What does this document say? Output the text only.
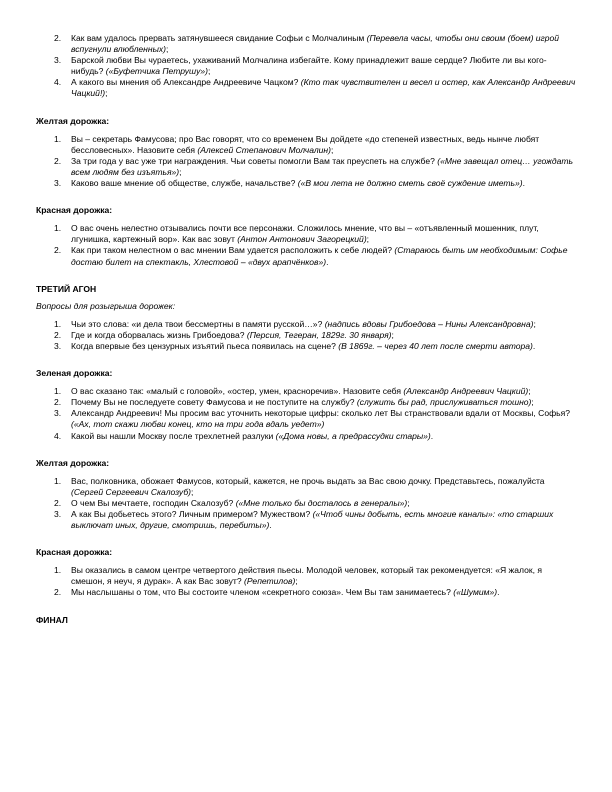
2. Как вам удалось прервать затянувшееся свидание Софьи с Молчалиным (Перевела часы, чтобы они своим (боем) игрой вспугнули влюбленных);
3. Барской любви Вы чураетесь, ухаживаний Молчалина избегайте. Кому принадлежит ваше сердце? Любите ли вы кого-нибудь? («Буфетчика Петрушу»);
4. А какого вы мнения об Александре Андреевиче Чацком? (Кто так чувствителен и весел и остер, как Александр Андреевич Чацкий!);

Желтая дорожка:

1. Вы – секретарь Фамусова; про Вас говорят, что со временем Вы дойдете «до степеней известных, ведь нынче любят бессловесных». Назовите себя (Алексей Степанович Молчалин);
2. За три года у вас уже три награждения. Чьи советы помогли Вам так преуспеть на службе? («Мне завещал отец… угождать всем людям без изъятья»);
3. Каково ваше мнение об обществе, службе, начальстве? («В мои лета не должно сметь своё суждение иметь»).

Красная дорожка:

1. О вас очень нелестно отзывались почти все персонажи. Сложилось мнение, что вы – «отъявленный мошенник, плут, лгунишка, картежный вор». Как вас зовут (Антон Антонович Загорецкий);
2. Как при таком нелестном о вас мнении Вам удается расположить к себе людей? (Стараюсь быть им необходимым: Софье достаю билет на спектакль, Хлестовой – «двух арапчёнков»).

ТРЕТИЙ АГОН

Вопросы для розыгрыша дорожек:

1. Чьи это слова: «и дела твои бессмертны в памяти русской…»? (надпись вдовы Грибоедова – Нины Александровна);
2. Где и когда оборвалась жизнь Грибоедова? (Персия, Тегеран, 1829г. 30 января);
3. Когда впервые без цензурных изъятий пьеса появилась на сцене? (В 1869г. – через 40 лет после смерти автора).

Зеленая дорожка:

1. О вас сказано так: «малый с головой», «остер, умен, красноречив». Назовите себя (Александр Андреевич Чацкий);
2. Почему Вы не последуете совету Фамусова и не поступите на службу? (служить бы рад, прислуживаться тошно);
3. Александр Андреевич! Мы просим вас уточнить некоторые цифры: сколько лет Вы странствовали вдали от Москвы, Софья? («Ах, тот скажи любви конец, кто на три года вдаль уедет»)
4. Какой вы нашли Москву после трехлетней разлуки («Дома новы, а предрассудки стары»).

Желтая дорожка:

1. Вас, полковника, обожает Фамусов, который, кажется, не прочь выдать за Вас свою дочку. Представьтесь, пожалуйста (Сергей Сергеевич Скалозуб);
2. О чем Вы мечтаете, господин Скалозуб? («Мне только бы досталось в генералы»);
3. А как Вы добьетесь этого? Личным примером? Мужеством? («Чтоб чины добыть, есть многие каналы»: «то старших выключат иных, другие, смотришь, перебиты»).

Красная дорожка:

1. Вы оказались в самом центре четвертого действия пьесы. Молодой человек, который так рекомендуется: «Я жалок, я смешон, я неуч, я дурак». А как Вас зовут? (Репетилов);
2. Мы наслышаны о том, что Вы состоите членом «секретного союза». Чем Вы там занимаетесь? («Шумим»).

ФИНАЛ
